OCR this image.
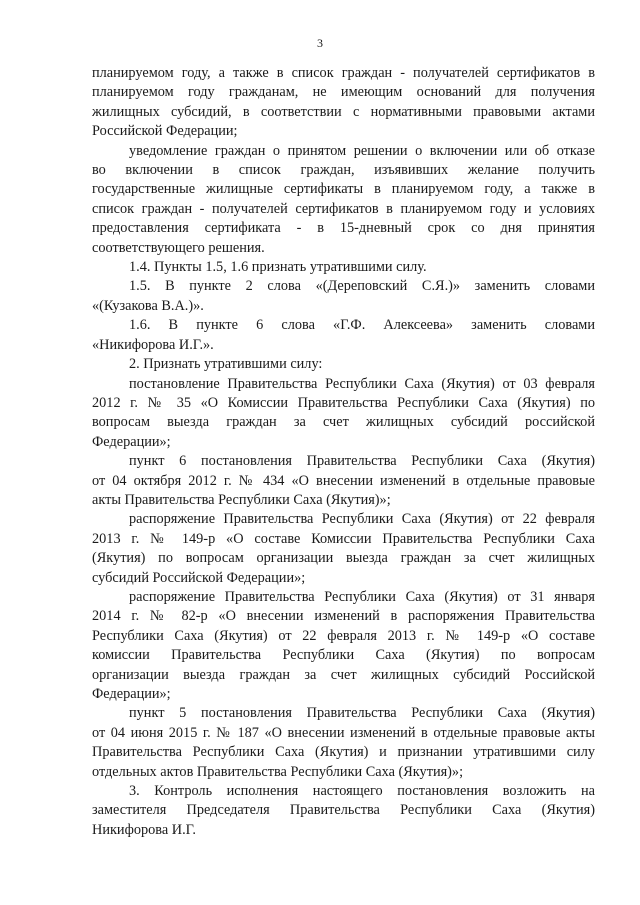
3

планируемом году, а также в список граждан - получателей сертификатов в
планируемом году гражданам, не имеющим оснований для получения
жилищных субсидий, в соответствии с нормативными правовыми актами
Российской Федерации;

уведомление граждан о принятом решении о включении или об отказе
во включении в список граждан, изъявивших желание получить
государственные жилищные сертификаты в планируемом году, а также в
список граждан - получателей сертификатов в планируемом году и условиях
предоставления сертификата - в 15-дневный срок со дня принятия
соответствующего решения.

1.4. Пункты 1.5, 1.6 признать утратившими силу.

1.5. В пункте 2 слова «(Дереповский С.Я.)» заменить словами
«(Кузакова В.А.)».

1.6. В пункте 6 слова «Г.Ф. Алексеева» заменить словами
«Никифорова И.Г.».

2. Признать утратившими силу:

постановление Правительства Республики Саха (Якутия) от 03 февраля
2012 г. № 35 «О Комиссии Правительства Республики Саха (Якутия) по
вопросам выезда граждан за счет жилищных субсидий российской
Федерации»;

пункт 6 постановления Правительства Республики Саха (Якутия)
от 04 октября 2012 г. № 434 «О внесении изменений в отдельные правовые
акты Правительства Республики Саха (Якутия)»;

распоряжение Правительства Республики Саха (Якутия) от 22 февраля
2013 г. № 149-р «О составе Комиссии Правительства Республики Саха
(Якутия) по вопросам организации выезда граждан за счет жилищных
субсидий Российской Федерации»;

распоряжение Правительства Республики Саха (Якутия) от 31 января
2014 г. № 82-р «О внесении изменений в распоряжения Правительства
Республики Саха (Якутия) от 22 февраля 2013 г. № 149-р «О составе
комиссии Правительства Республики Саха (Якутия) по вопросам
организации выезда граждан за счет жилищных субсидий Российской
Федерации»;

пункт 5 постановления Правительства Республики Саха (Якутия)
от 04 июня 2015 г. № 187 «О внесении изменений в отдельные правовые акты
Правительства Республики Саха (Якутия) и признании утратившими силу
отдельных актов Правительства Республики Саха (Якутия)»;

3. Контроль исполнения настоящего постановления возложить на
заместителя Председателя Правительства Республики Саха (Якутия)
Никифорова И.Г.
